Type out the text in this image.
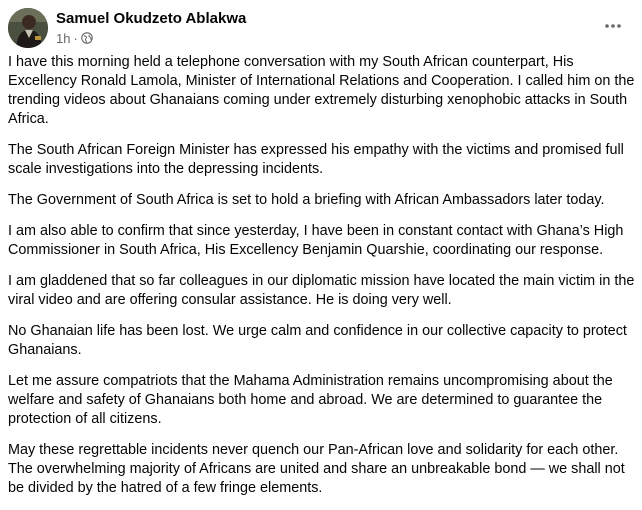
Samuel Okudzeto Ablakwa
1h ·

I have this morning held a telephone conversation with my South African counterpart, His Excellency Ronald Lamola, Minister of International Relations and Cooperation. I called him on the trending videos about Ghanaians coming under extremely disturbing xenophobic attacks in South Africa.

The South African Foreign Minister has expressed his empathy with the victims and promised full scale investigations into the depressing incidents.

The Government of South Africa is set to hold a briefing with African Ambassadors later today.

I am also able to confirm that since yesterday, I have been in constant contact with Ghana’s High Commissioner in South Africa, His Excellency Benjamin Quarshie, coordinating our response.

I am gladdened that so far colleagues in our diplomatic mission have located the main victim in the viral video and are offering consular assistance. He is doing very well.

No Ghanaian life has been lost. We urge calm and confidence in our collective capacity to protect Ghanaians.

Let me assure compatriots that the Mahama Administration remains uncompromising about the welfare and safety of Ghanaians both home and abroad. We are determined to guarantee the protection of all citizens.

May these regrettable incidents never quench our Pan-African love and solidarity for each other. The overwhelming majority of Africans are united and share an unbreakable bond — we shall not be divided by the hatred of a few fringe elements.
